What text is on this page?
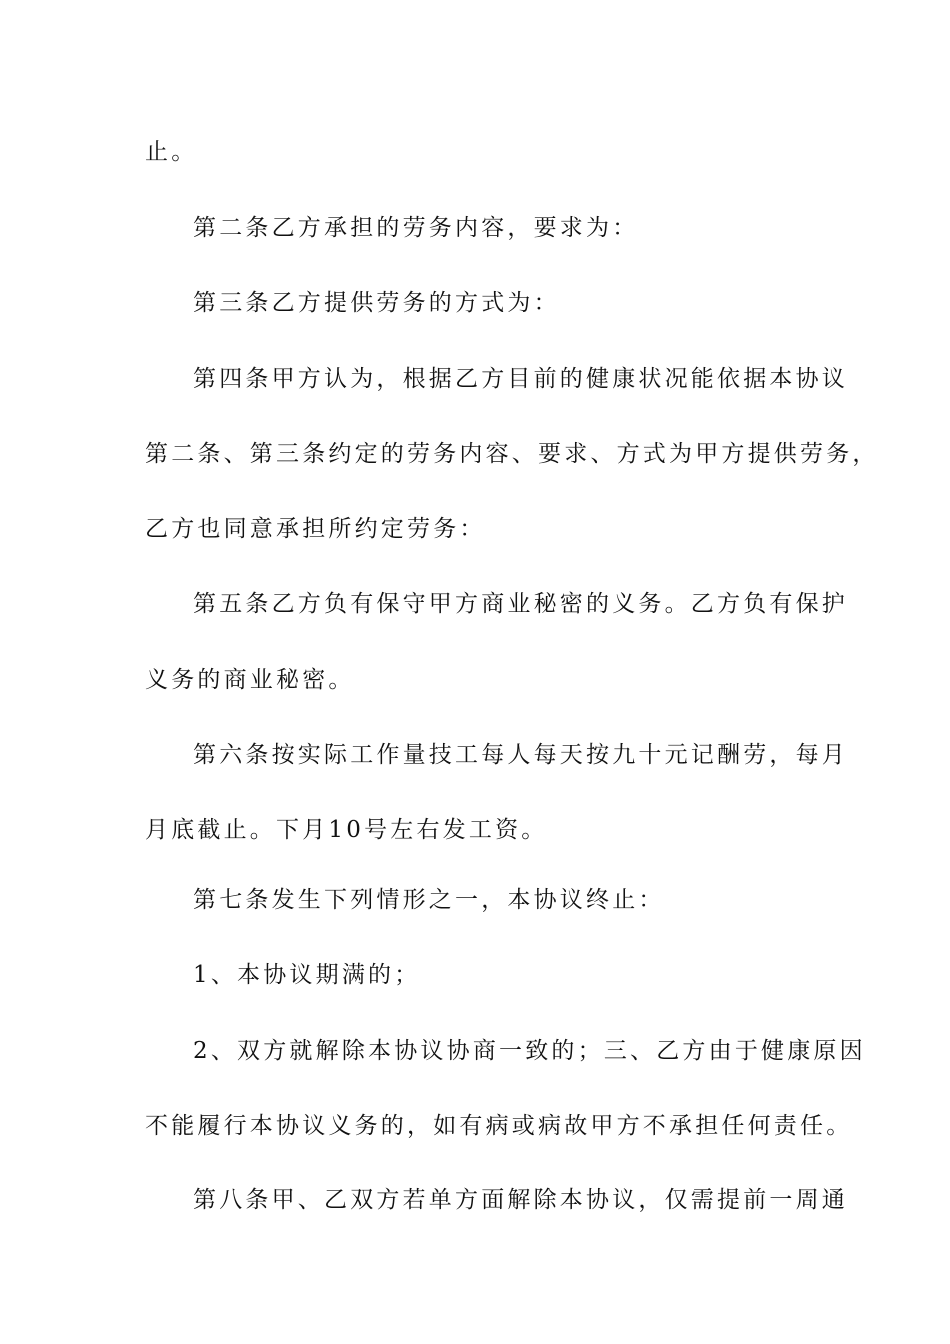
止。
第二条乙方承担的劳务内容，要求为：
第三条乙方提供劳务的方式为：
第四条甲方认为，根据乙方目前的健康状况能依据本协议
第二条、第三条约定的劳务内容、要求、方式为甲方提供劳务，
乙方也同意承担所约定劳务：
第五条乙方负有保守甲方商业秘密的义务。乙方负有保护
义务的商业秘密。
第六条按实际工作量技工每人每天按九十元记酬劳，每月
月底截止。下月10号左右发工资。
第七条发生下列情形之一，本协议终止：
1、本协议期满的；
2、双方就解除本协议协商一致的；三、乙方由于健康原因
不能履行本协议义务的，如有病或病故甲方不承担任何责任。
第八条甲、乙双方若单方面解除本协议，仅需提前一周通
